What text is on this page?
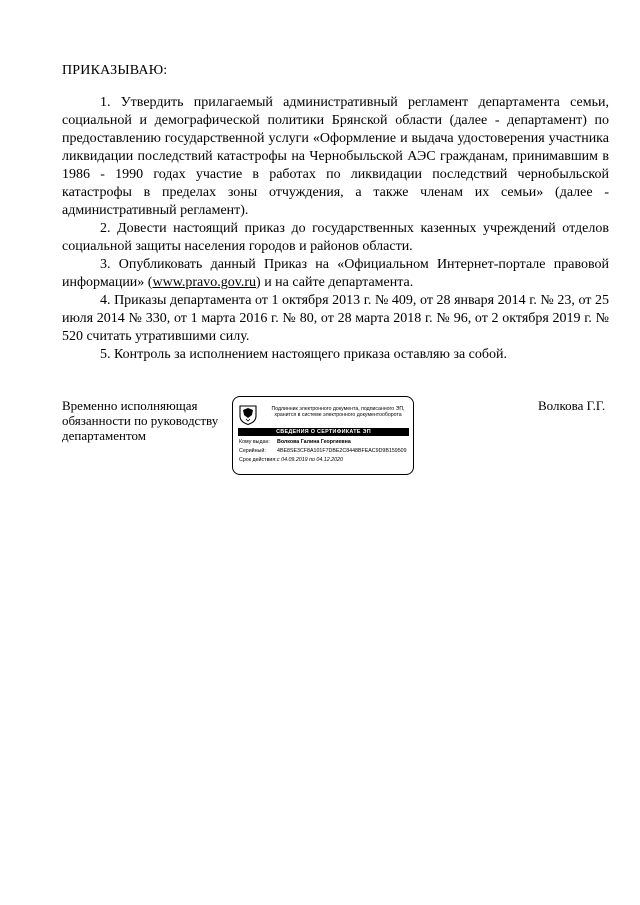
ПРИКАЗЫВАЮ:

1. Утвердить прилагаемый административный регламент департамента семьи, социальной и демографической политики Брянской области (далее - департамент) по предоставлению государственной услуги «Оформление и выдача удостоверения участника ликвидации последствий катастрофы на Чернобыльской АЭС гражданам, принимавшим в 1986 - 1990 годах участие в работах по ликвидации последствий чернобыльской катастрофы в пределах зоны отчуждения, а также членам их семьи» (далее - административный регламент).

2. Довести настоящий приказ до государственных казенных учреждений отделов социальной защиты населения городов и районов области.

3. Опубликовать данный Приказ на «Официальном Интернет-портале правовой информации» (www.pravo.gov.ru) и на сайте департамента.

4. Приказы департамента от 1 октября 2013 г. № 409, от 28 января 2014 г. № 23, от 25 июля 2014 № 330, от 1 марта 2016 г. № 80, от 28 марта 2018 г. № 96, от 2 октября 2019 г. № 520 считать утратившими силу.

5. Контроль за исполнением настоящего приказа оставляю за собой.

Временно исполняющая обязанности по руководству департаментом
Подлинник электронного документа, подписанного ЭП, хранится в системе электронного документооборота
СВЕДЕНИЯ О СЕРТИФИКАТЕ ЭП
Кому выдан: Волкова Галина Георгиевна
Серийный: 4BE8SE3CF8A101F7DBE2C8448BFEAC9D9B159509
Срок действия:с 04.09.2019 по 04.12.2020
Волкова Г.Г.
